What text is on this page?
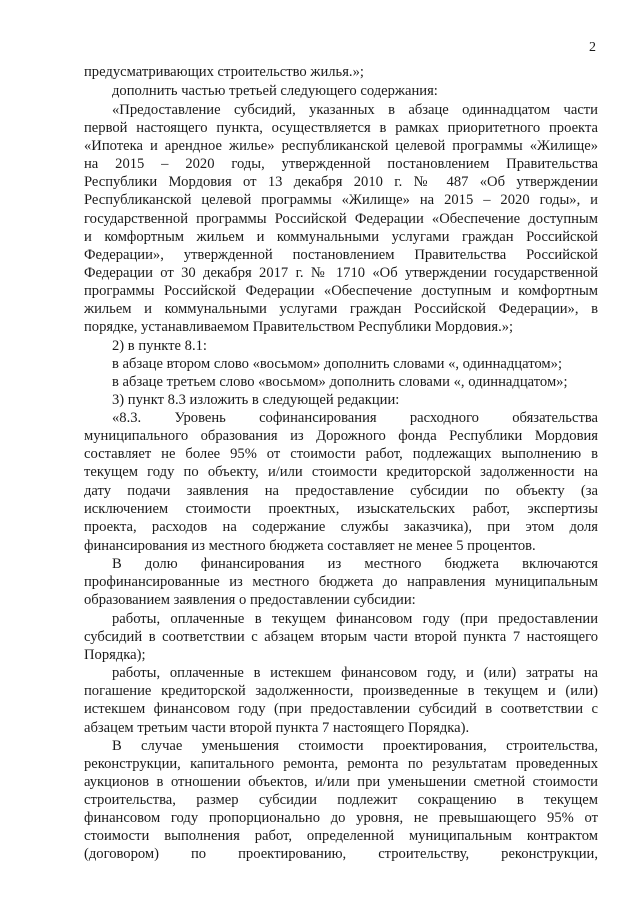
2
предусматривающих строительство жилья.»;
дополнить частью третьей следующего содержания:
«Предоставление субсидий, указанных в абзаце одиннадцатом части
первой настоящего пункта, осуществляется в рамках приоритетного проекта
«Ипотека и арендное жилье» республиканской целевой программы «Жилище»
на 2015 – 2020 годы, утвержденной постановлением Правительства
Республики Мордовия от 13 декабря 2010 г. № 487 «Об утверждении
Республиканской целевой программы «Жилище» на 2015 – 2020 годы», и
государственной программы Российской Федерации «Обеспечение доступным
и комфортным жильем и коммунальными услугами граждан Российской
Федерации», утвержденной постановлением Правительства Российской
Федерации от 30 декабря 2017 г. № 1710 «Об утверждении государственной
программы Российской Федерации «Обеспечение доступным и комфортным
жильем и коммунальными услугами граждан Российской Федерации», в
порядке, устанавливаемом Правительством Республики Мордовия.»;
2) в пункте 8.1:
в абзаце втором слово «восьмом» дополнить словами «, одиннадцатом»;
в абзаце третьем слово «восьмом» дополнить словами «, одиннадцатом»;
3) пункт 8.3 изложить в следующей редакции:
«8.3. Уровень софинансирования расходного обязательства
муниципального образования из Дорожного фонда Республики Мордовия
составляет не более 95% от стоимости работ, подлежащих выполнению в
текущем году по объекту, и/или стоимости кредиторской задолженности на
дату подачи заявления на предоставление субсидии по объекту (за
исключением стоимости проектных, изыскательских работ, экспертизы
проекта, расходов на содержание службы заказчика), при этом доля
финансирования из местного бюджета составляет не менее 5 процентов.
В долю финансирования из местного бюджета включаются
профинансированные из местного бюджета до направления муниципальным
образованием заявления о предоставлении субсидии:
работы, оплаченные в текущем финансовом году (при предоставлении
субсидий в соответствии с абзацем вторым части второй пункта 7 настоящего
Порядка);
работы, оплаченные в истекшем финансовом году, и (или) затраты на
погашение кредиторской задолженности, произведенные в текущем и (или)
истекшем финансовом году (при предоставлении субсидий в соответствии с
абзацем третьим части второй пункта 7 настоящего Порядка).
В случае уменьшения стоимости проектирования, строительства,
реконструкции, капитального ремонта, ремонта по результатам проведенных
аукционов в отношении объектов, и/или при уменьшении сметной стоимости
строительства, размер субсидии подлежит сокращению в текущем
финансовом году пропорционально до уровня, не превышающего 95% от
стоимости выполнения работ, определенной муниципальным контрактом
(договором) по проектированию, строительству, реконструкции,
